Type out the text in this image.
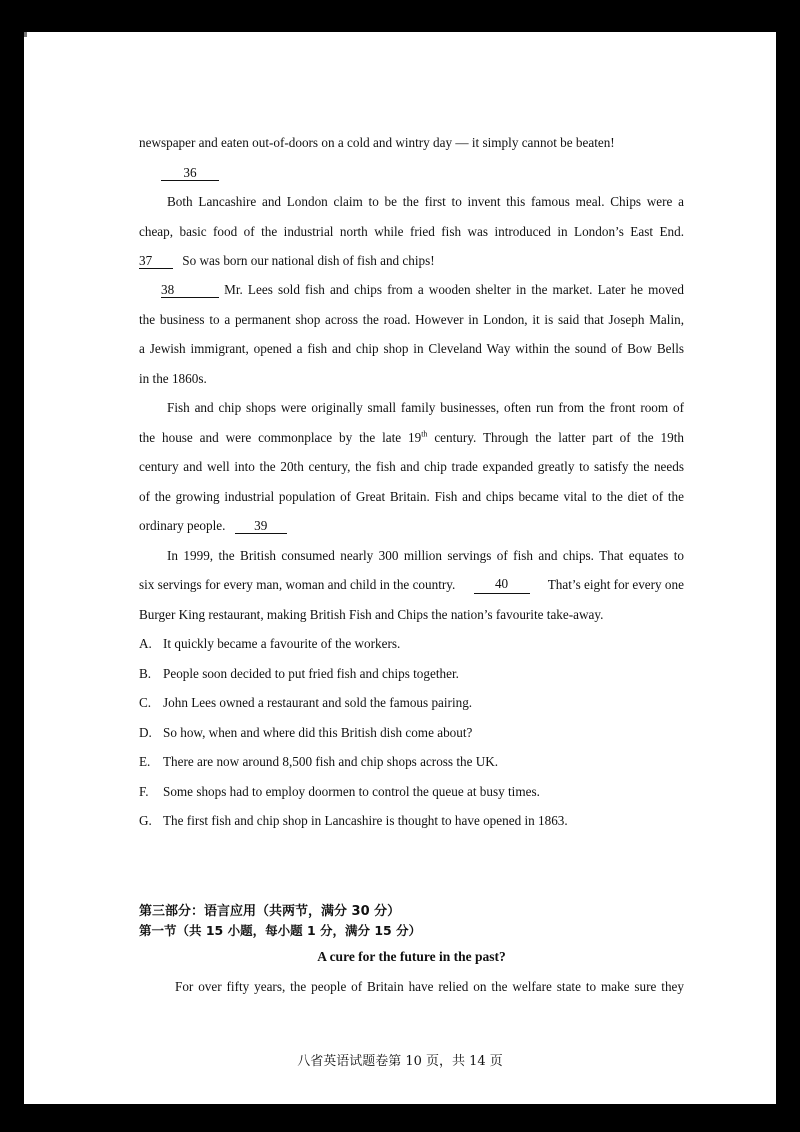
newspaper and eaten out-of-doors on a cold and wintry day — it simply cannot be beaten!
36
Both Lancashire and London claim to be the first to invent this famous meal. Chips were a
cheap, basic food of the industrial north while fried fish was introduced in London’s East End.
37 So was born our national dish of fish and chips!
38	Mr. Lees sold fish and chips from a wooden shelter in the market. Later he moved
the business to a permanent shop across the road. However in London, it is said that Joseph Malin,
a Jewish immigrant, opened a fish and chip shop in Cleveland Way within the sound of Bow Bells
in the 1860s.
Fish and chip shops were originally small family businesses, often run from the front room of
the house and were commonplace by the late 19th century. Through the latter part of the 19th
century and well into the 20th century, the fish and chip trade expanded greatly to satisfy the needs
of the growing industrial population of Great Britain. Fish and chips became vital to the diet of the
ordinary people. 39
In 1999, the British consumed nearly 300 million servings of fish and chips. That equates to
six servings for every man, woman and child in the country.	40	That’s eight for every one
Burger King restaurant, making British Fish and Chips the nation’s favourite take-away.
A. It quickly became a favourite of the workers.
B. People soon decided to put fried fish and chips together.
C. John Lees owned a restaurant and sold the famous pairing.
D. So how, when and where did this British dish come about?
E. There are now around 8,500 fish and chip shops across the UK.
F. Some shops had to employ doormen to control the queue at busy times.
G. The first fish and chip shop in Lancashire is thought to have opened in 1863.
第三部分：语言应用（共两节，满分 30 分）
第一节（共 15 小题，每小题 1 分，满分 15 分）
A cure for the future in the past?
For over fifty years, the people of Britain have relied on the welfare state to make sure they
八省英语试题卷第 10 页，共 14 页
